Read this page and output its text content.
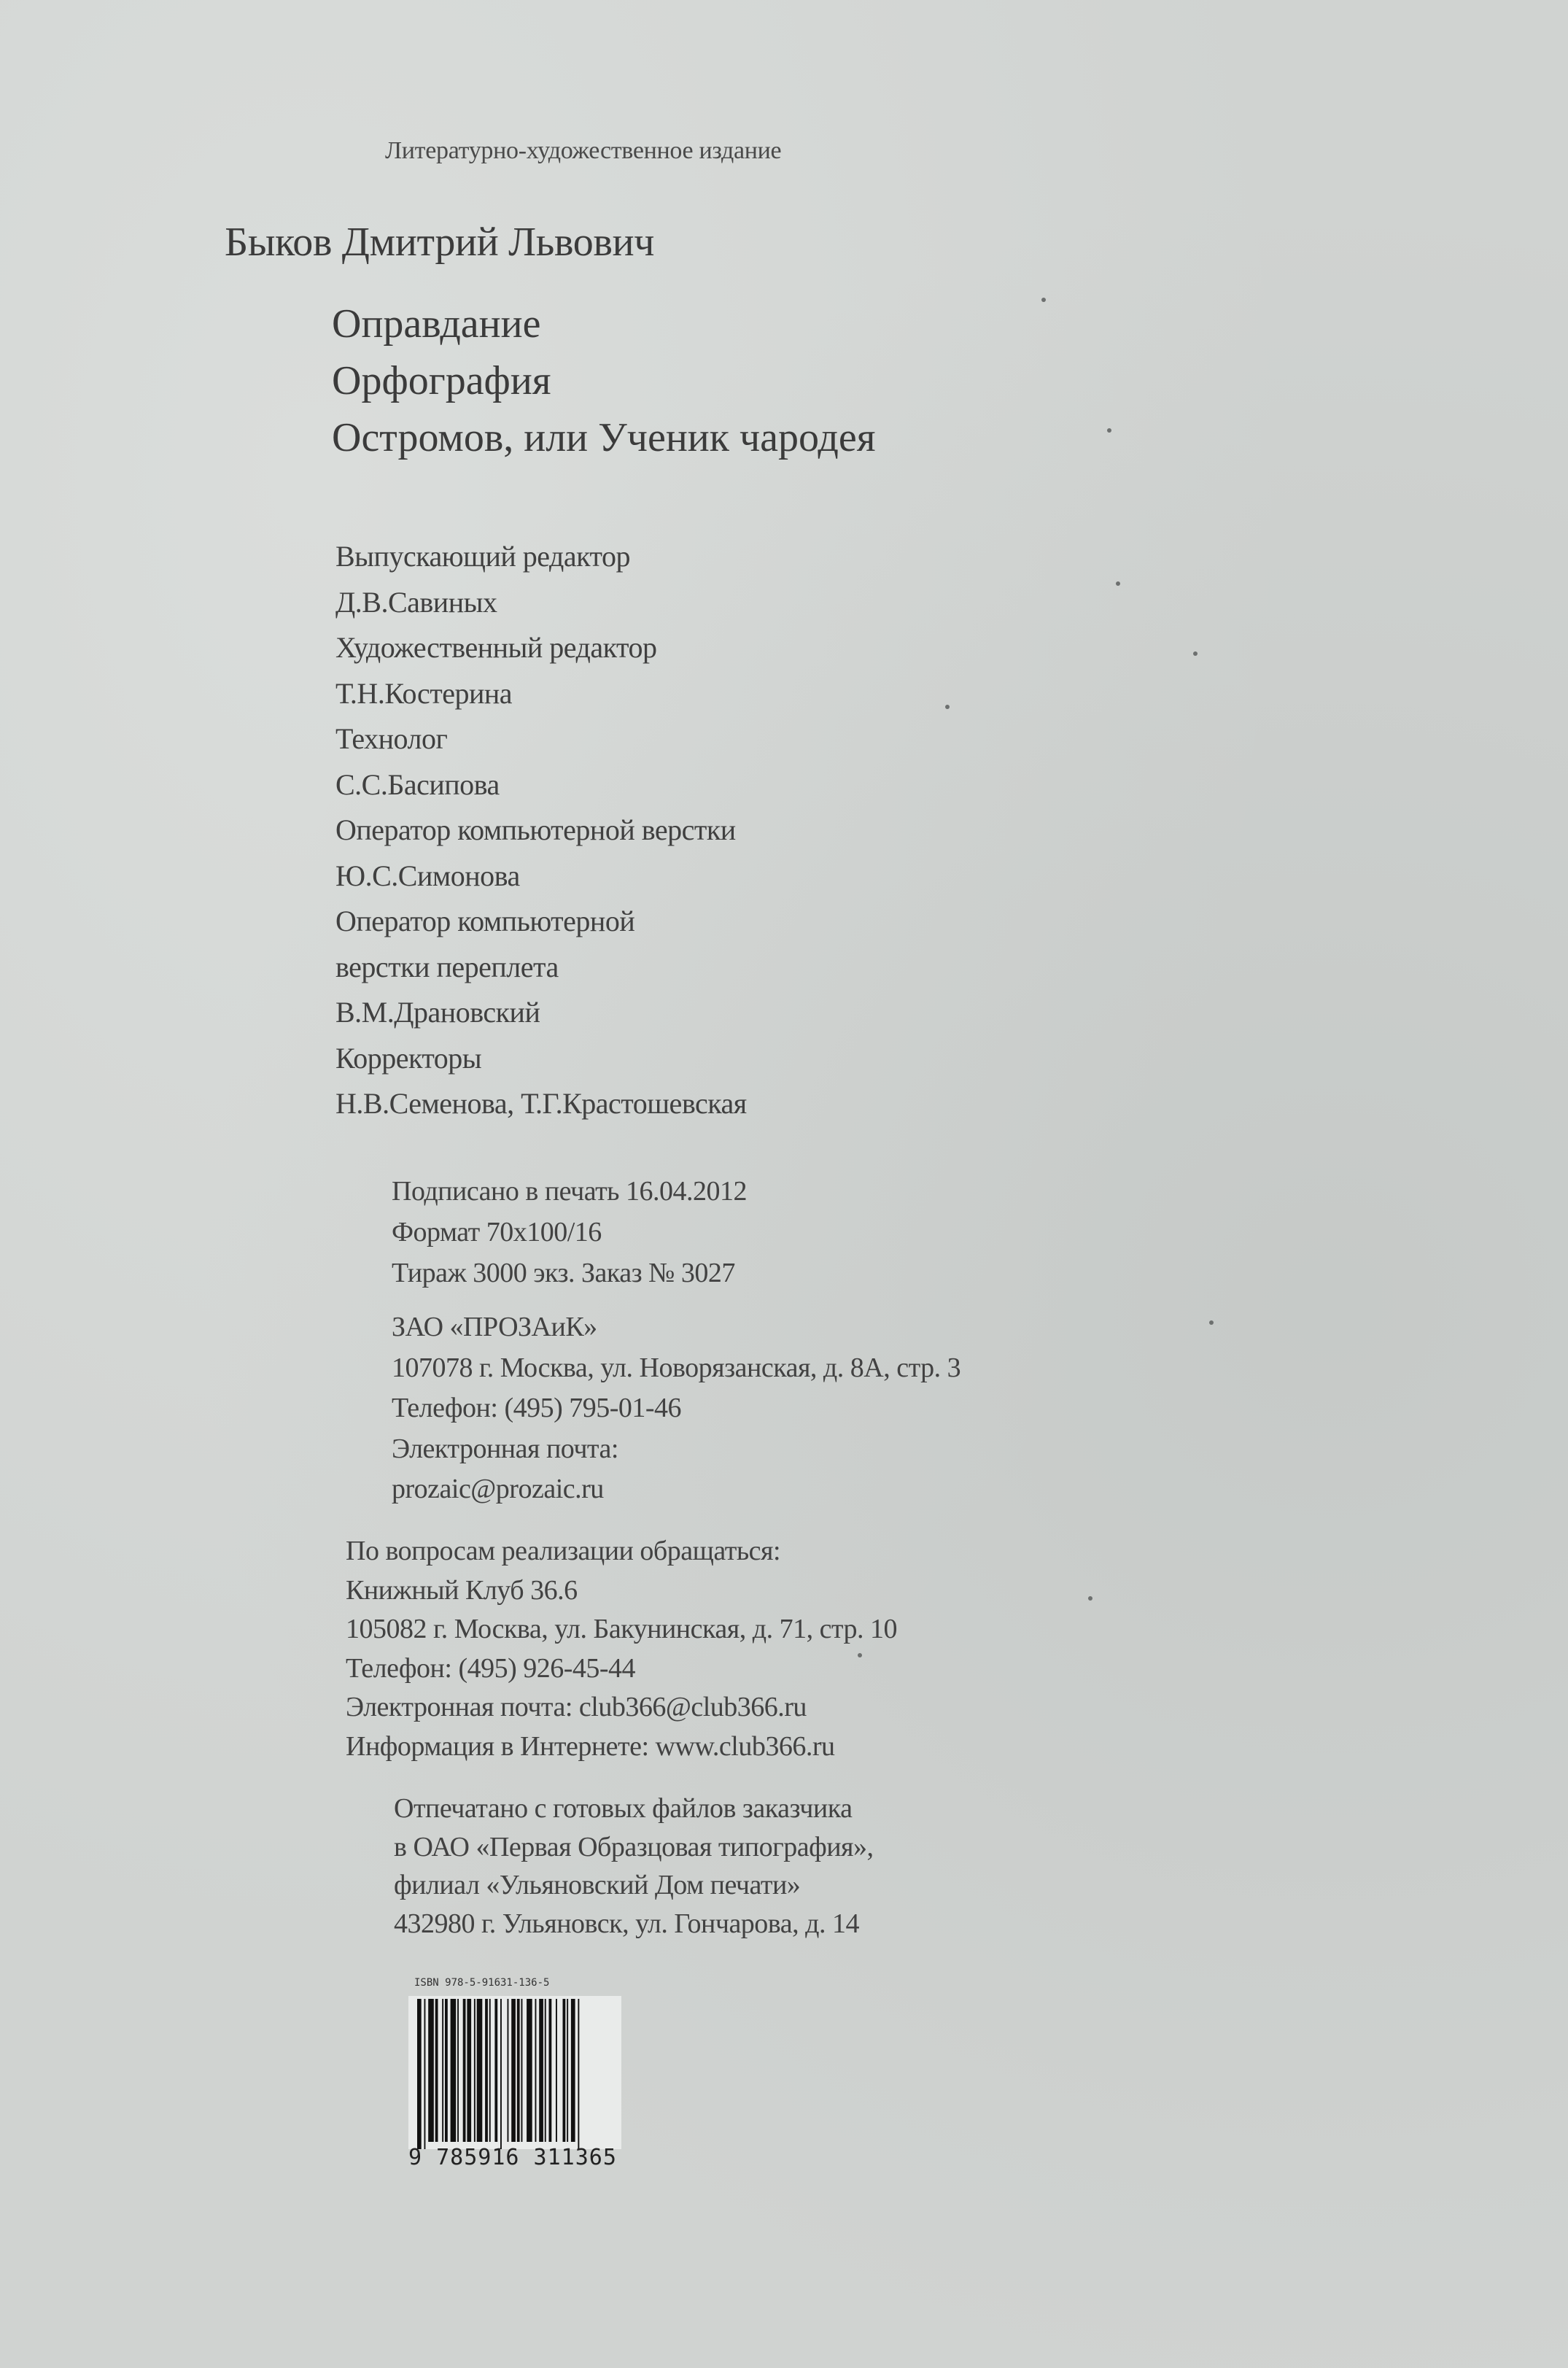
Литературно-художественное издание
Быков Дмитрий Львович
Оправдание
Орфография
Остромов, или Ученик чародея
Выпускающий редактор
Д.В.Савиных
Художественный редактор
Т.Н.Костерина
Технолог
С.С.Басипова
Оператор компьютерной верстки
Ю.С.Симонова
Оператор компьютерной
верстки переплета
В.М.Драновский
Корректоры
Н.В.Семенова, Т.Г.Крастошевская
Подписано в печать 16.04.2012
Формат 70х100/16
Тираж 3000 экз. Заказ № 3027
ЗАО «ПРОЗАиК»
107078 г. Москва, ул. Новорязанская, д. 8А, стр. 3
Телефон: (495) 795-01-46
Электронная почта:
prozaic@prozaic.ru
По вопросам реализации обращаться:
Книжный Клуб 36.6
105082 г. Москва, ул. Бакунинская, д. 71, стр. 10
Телефон: (495) 926-45-44
Электронная почта: club366@club366.ru
Информация в Интернете: www.club366.ru
Отпечатано с готовых файлов заказчика
в ОАО «Первая Образцовая типография»,
филиал «Ульяновский Дом печати»
432980 г. Ульяновск, ул. Гончарова, д. 14
ISBN 978-5-91631-136-5
9 785916 311365
